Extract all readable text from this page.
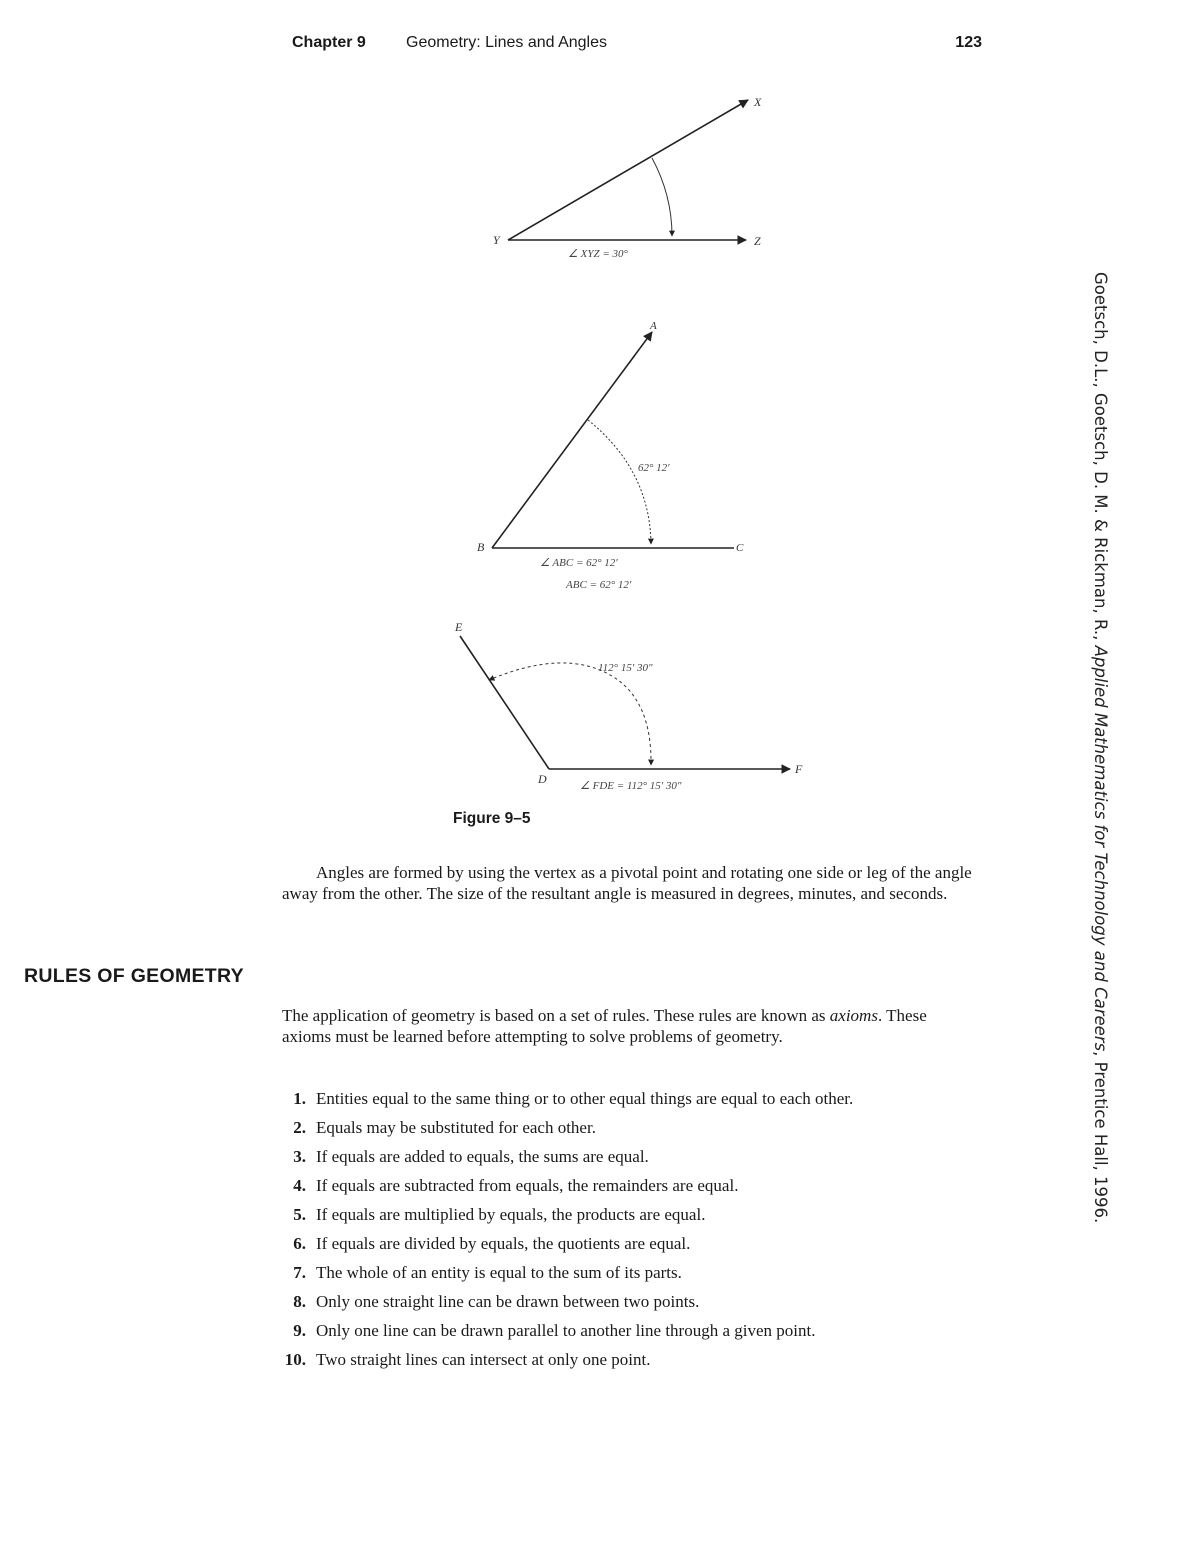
Chapter 9	Geometry: Lines and Angles	123
Goetsch, D.L., Goetsch, D. M. & Rickman, R., Applied Mathematics for Technology and Careers, Prentice Hall, 1996.
X
Y	Z
∠ XYZ = 30°
A
B	C
62° 12′
∠ ABC = 62° 12′
ABC = 62° 12′
E
D
F
112° 15′ 30″
∠ FDE = 112° 15′ 30″
Figure 9–5

Angles are formed by using the vertex as a pivotal point and rotating one side or leg of the angle away from the other. The size of the resultant angle is measured in degrees, minutes, and seconds.

RULES OF GEOMETRY

The application of geometry is based on a set of rules. These rules are known as axioms. These axioms must be learned before attempting to solve problems of geometry.

1. Entities equal to the same thing or to other equal things are equal to each other.
2. Equals may be substituted for each other.
3. If equals are added to equals, the sums are equal.
4. If equals are subtracted from equals, the remainders are equal.
5. If equals are multiplied by equals, the products are equal.
6. If equals are divided by equals, the quotients are equal.
7. The whole of an entity is equal to the sum of its parts.
8. Only one straight line can be drawn between two points.
9. Only one line can be drawn parallel to another line through a given point.
10. Two straight lines can intersect at only one point.
